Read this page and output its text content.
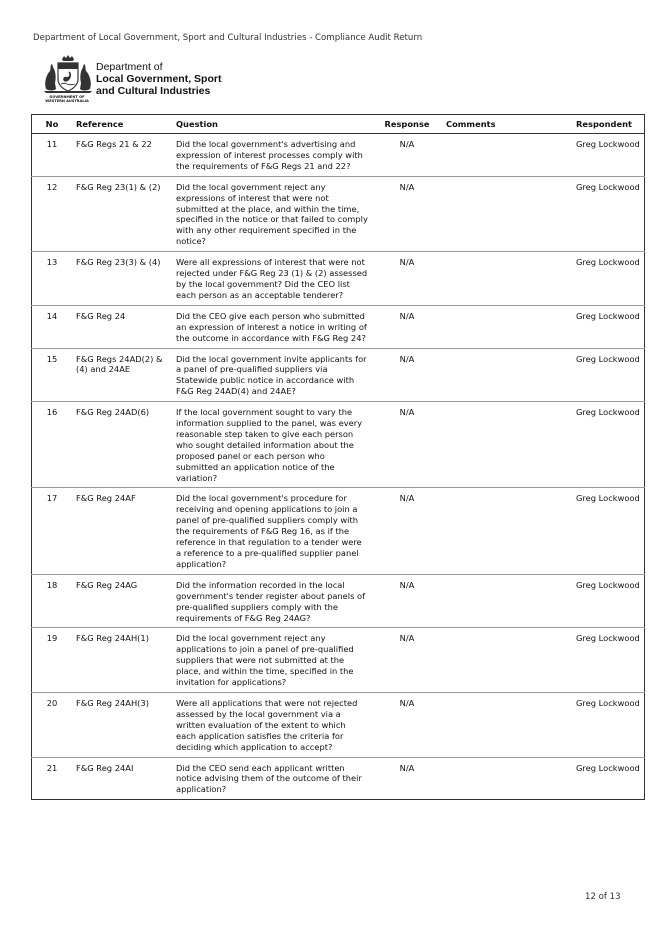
Department of Local Government, Sport and Cultural Industries - Compliance Audit Return
GOVERNMENT OF
WESTERN AUSTRALIA
Department of
Local Government, Sport
and Cultural Industries
No	Reference	Question	Response	Comments	Respondent
11	F&G Regs 21 & 22	Did the local government's advertising and expression of interest processes comply with the requirements of F&G Regs 21 and 22?	N/A		Greg Lockwood
12	F&G Reg 23(1) & (2)	Did the local government reject any expressions of interest that were not submitted at the place, and within the time, specified in the notice or that failed to comply with any other requirement specified in the notice?	N/A		Greg Lockwood
13	F&G Reg 23(3) & (4)	Were all expressions of interest that were not rejected under F&G Reg 23 (1) & (2) assessed by the local government? Did the CEO list each person as an acceptable tenderer?	N/A		Greg Lockwood
14	F&G Reg 24	Did the CEO give each person who submitted an expression of interest a notice in writing of the outcome in accordance with F&G Reg 24?	N/A		Greg Lockwood
15	F&G Regs 24AD(2) & (4) and 24AE	Did the local government invite applicants for a panel of pre-qualified suppliers via Statewide public notice in accordance with F&G Reg 24AD(4) and 24AE?	N/A		Greg Lockwood
16	F&G Reg 24AD(6)	If the local government sought to vary the information supplied to the panel, was every reasonable step taken to give each person who sought detailed information about the proposed panel or each person who submitted an application notice of the variation?	N/A		Greg Lockwood
17	F&G Reg 24AF	Did the local government's procedure for receiving and opening applications to join a panel of pre-qualified suppliers comply with the requirements of F&G Reg 16, as if the reference in that regulation to a tender were a reference to a pre-qualified supplier panel application?	N/A		Greg Lockwood
18	F&G Reg 24AG	Did the information recorded in the local government's tender register about panels of pre-qualified suppliers comply with the requirements of F&G Reg 24AG?	N/A		Greg Lockwood
19	F&G Reg 24AH(1)	Did the local government reject any applications to join a panel of pre-qualified suppliers that were not submitted at the place, and within the time, specified in the invitation for applications?	N/A		Greg Lockwood
20	F&G Reg 24AH(3)	Were all applications that were not rejected assessed by the local government via a written evaluation of the extent to which each application satisfies the criteria for deciding which application to accept?	N/A		Greg Lockwood
21	F&G Reg 24AI	Did the CEO send each applicant written notice advising them of the outcome of their application?	N/A		Greg Lockwood
12 of 13
